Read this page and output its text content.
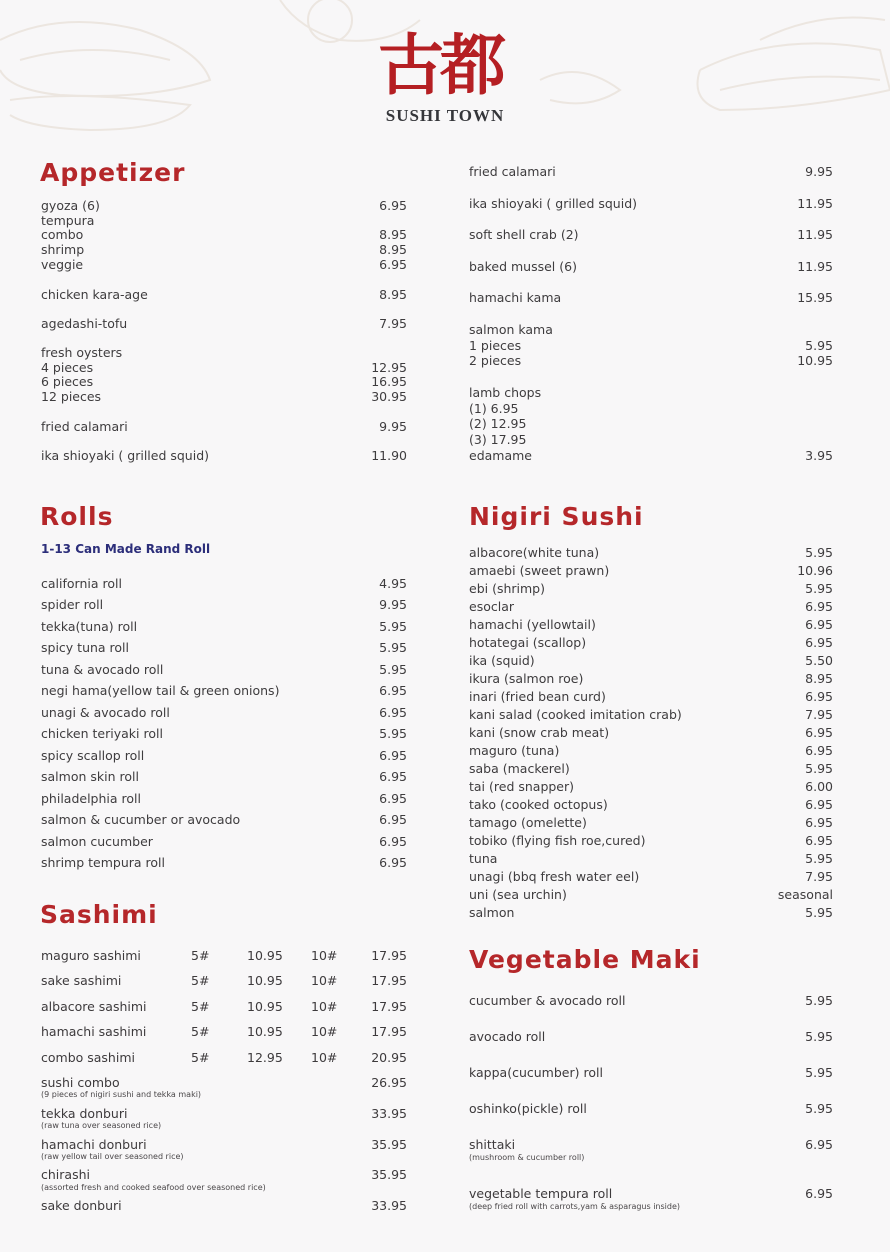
古都
SUSHI TOWN
Appetizer
gyoza (6)	6.95
tempura
combo	8.95
shrimp	8.95
veggie	6.95
chicken kara-age	8.95
agedashi-tofu	7.95
fresh oysters
4 pieces	12.95
6 pieces	16.95
12 pieces	30.95
fried calamari	9.95
ika shioyaki ( grilled squid)	11.90
Rolls
1-13 Can Made Rand Roll
california roll	4.95
spider roll	9.95
tekka(tuna) roll	5.95
spicy tuna roll	5.95
tuna & avocado roll	5.95
negi hama(yellow tail & green onions)	6.95
unagi & avocado roll	6.95
chicken teriyaki roll	5.95
spicy scallop roll	6.95
salmon skin roll	6.95
philadelphia roll	6.95
salmon & cucumber or avocado	6.95
salmon cucumber	6.95
shrimp tempura roll	6.95
Sashimi
maguro sashimi	5#	10.95 10#	17.95
sake sashimi	5#	10.95 10#	17.95
albacore sashimi	5#	10.95 10#	17.95
hamachi sashimi	5#	10.95 10#	17.95
combo sashimi	5#	12.95 10#	20.95
sushi combo	26.95
(9 pieces of nigiri sushi and tekka maki)
tekka donburi	33.95
(raw tuna over seasoned rice)
hamachi donburi	35.95
(raw yellow tail over seasoned rice)
chirashi	35.95
(assorted fresh and cooked seafood over seasoned rice)
sake donburi	33.95
fried calamari	9.95
ika shioyaki ( grilled squid)	11.95
soft shell crab (2)	11.95
baked mussel (6)	11.95
hamachi kama	15.95
salmon kama
1 pieces	5.95
2 pieces	10.95
lamb chops
(1) 6.95
(2) 12.95
(3) 17.95
edamame	3.95
Nigiri Sushi
albacore(white tuna)	5.95
amaebi (sweet prawn)	10.96
ebi (shrimp)	5.95
esoclar	6.95
hamachi (yellowtail)	6.95
hotategai (scallop)	6.95
ika (squid)	5.50
ikura (salmon roe)	8.95
inari (fried bean curd)	6.95
kani salad (cooked imitation crab)	7.95
kani (snow crab meat)	6.95
maguro (tuna)	6.95
saba (mackerel)	5.95
tai (red snapper)	6.00
tako (cooked octopus)	6.95
tamago (omelette)	6.95
tobiko (flying fish roe,cured)	6.95
tuna	5.95
unagi (bbq fresh water eel)	7.95
uni (sea urchin)	seasonal
salmon	5.95
Vegetable Maki
cucumber & avocado roll	5.95
avocado roll	5.95
kappa(cucumber) roll	5.95
oshinko(pickle) roll	5.95
shittaki	6.95
(mushroom & cucumber roll)
vegetable tempura roll	6.95
(deep fried roll with carrots,yam & asparagus inside)
